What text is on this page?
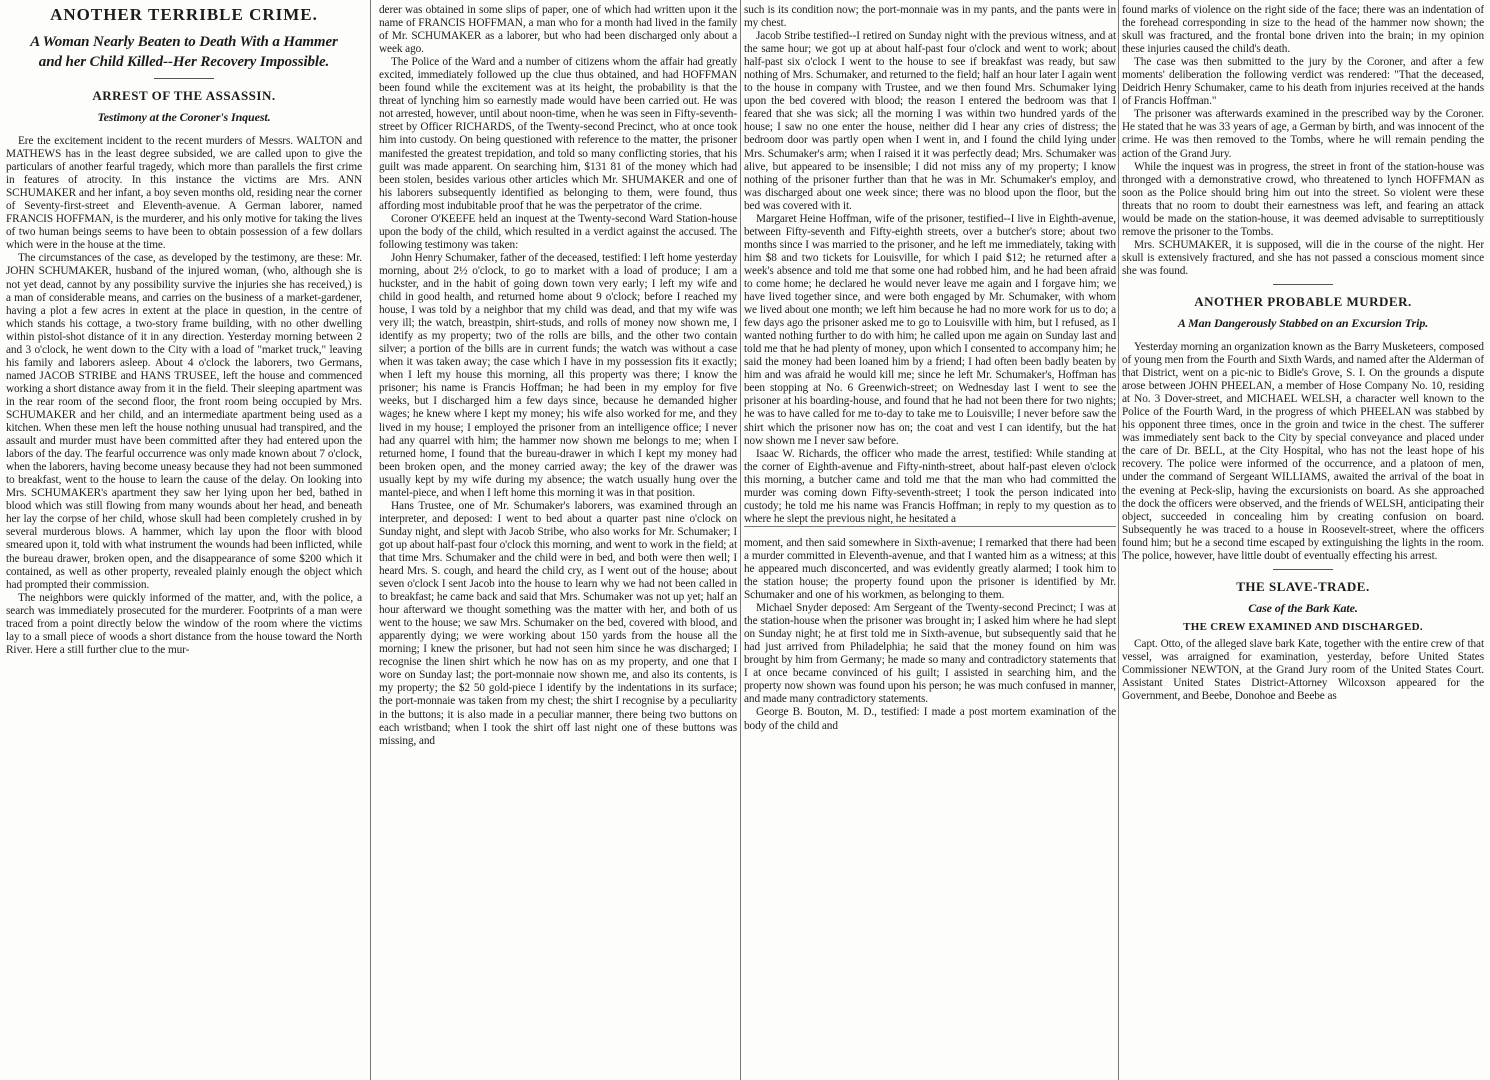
ANOTHER TERRIBLE CRIME.
A Woman Nearly Beaten to Death With a Hammer and her Child Killed--Her Recovery Impossible.
ARREST OF THE ASSASSIN.
Testimony at the Coroner's Inquest.

Ere the excitement incident to the recent murders of Messrs. WALTON and MATHEWS has in the least degree subsided, we are called upon to give the particulars of another fearful tragedy, which more than parallels the first crime in features of atrocity. In this instance the victims are Mrs. ANN SCHUMAKER and her infant, a boy seven months old, residing near the corner of Seventy-first-street and Eleventh-avenue. A German laborer, named FRANCIS HOFFMAN, is the murderer, and his only motive for taking the lives of two human beings seems to have been to obtain possession of a few dollars which were in the house at the time.

The circumstances of the case, as developed by the testimony, are these: Mr. JOHN SCHUMAKER, husband of the injured woman, (who, although she is not yet dead, cannot by any possibility survive the injuries she has received,) is a man of considerable means, and carries on the business of a market-gardener, having a plot a few acres in extent at the place in question, in the centre of which stands his cottage, a two-story frame building, with no other dwelling within pistol-shot distance of it in any direction. Yesterday morning between 2 and 3 o'clock, he went down to the City with a load of "market truck," leaving his family and laborers asleep. About 4 o'clock the laborers, two Germans, named JACOB STRIBE and HANS TRUSEE, left the house and commenced working a short distance away from it in the field. Their sleeping apartment was in the rear room of the second floor, the front room being occupied by Mrs. SCHUMAKER and her child, and an intermediate apartment being used as a kitchen. When these men left the house nothing unusual had transpired, and the assault and murder must have been committed after they had entered upon the labors of the day. The fearful occurrence was only made known about 7 o'clock, when the laborers, having become uneasy because they had not been summoned to breakfast, went to the house to learn the cause of the delay. On looking into Mrs. SCHUMAKER's apartment they saw her lying upon her bed, bathed in blood which was still flowing from many wounds about her head, and beneath her lay the corpse of her child, whose skull had been completely crushed in by several murderous blows. A hammer, which lay upon the floor with blood smeared upon it, told with what instrument the wounds had been inflicted, while the bureau drawer, broken open, and the disappearance of some $200 which it contained, as well as other property, revealed plainly enough the object which had prompted their commission.

The neighbors were quickly informed of the matter, and, with the police, a search was immediately prosecuted for the murderer. Footprints of a man were traced from a point directly below the window of the room where the victims lay to a small piece of woods a short distance from the house toward the North River. Here a still further clue to the mur-

derer was obtained in some slips of paper, one of which had written upon it the name of FRANCIS HOFFMAN, a man who for a month had lived in the family of Mr. SCHUMAKER as a laborer, but who had been discharged only about a week ago.

The Police of the Ward and a number of citizens whom the affair had greatly excited, immediately followed up the clue thus obtained, and had HOFFMAN been found while the excitement was at its height, the probability is that the threat of lynching him so earnestly made would have been carried out. He was not arrested, however, until about noon-time, when he was seen in Fifty-seventh-street by Officer RICHARDS, of the Twenty-second Precinct, who at once took him into custody. On being questioned with reference to the matter, the prisoner manifested the greatest trepidation, and told so many conflicting stories, that his guilt was made apparent. On searching him, $131 81 of the money which had been stolen, besides various other articles which Mr. SHUMAKER and one of his laborers subsequently identified as belonging to them, were found, thus affording most indubitable proof that he was the perpetrator of the crime.

Coroner O'KEEFE held an inquest at the Twenty-second Ward Station-house upon the body of the child, which resulted in a verdict against the accused. The following testimony was taken:

John Henry Schumaker, father of the deceased, testified: I left home yesterday morning, about 2½ o'clock, to go to market with a load of produce; I am a huckster, and in the habit of going down town very early; I left my wife and child in good health, and returned home about 9 o'clock; before I reached my house, I was told by a neighbor that my child was dead, and that my wife was very ill; the watch, breastpin, shirt-studs, and rolls of money now shown me, I identify as my property; two of the rolls are bills, and the other two contain silver; a portion of the bills are in current funds; the watch was without a case when it was taken away; the case which I have in my possession fits it exactly; when I left my house this morning, all this property was there; I know the prisoner; his name is Francis Hoffman; he had been in my employ for five weeks, but I discharged him a few days since, because he demanded higher wages; he knew where I kept my money; his wife also worked for me, and they lived in my house; I employed the prisoner from an intelligence office; I never had any quarrel with him; the hammer now shown me belongs to me; when I returned home, I found that the bureau-drawer in which I kept my money had been broken open, and the money carried away; the key of the drawer was usually kept by my wife during my absence; the watch usually hung over the mantel-piece, and when I left home this morning it was in that position.

Hans Trustee, one of Mr. Schumaker's laborers, was examined through an interpreter, and deposed: I went to bed about a quarter past nine o'clock on Sunday night, and slept with Jacob Stribe, who also works for Mr. Schumaker; I got up about half-past four o'clock this morning, and went to work in the field; at that time Mrs. Schumaker and the child were in bed, and both were then well; I heard Mrs. S. cough, and heard the child cry, as I went out of the house; about seven o'clock I sent Jacob into the house to learn why we had not been called in to breakfast; he came back and said that Mrs. Schumaker was not up yet; half an hour afterward we thought something was the matter with her, and both of us went to the house; we saw Mrs. Schumaker on the bed, covered with blood, and apparently dying; we were working about 150 yards from the house all the morning; I knew the prisoner, but had not seen him since he was discharged; I recognise the linen shirt which he now has on as my property, and one that I wore on Sunday last; the port-monnaie now shown me, and also its contents, is my property; the $2 50 gold-piece I identify by the indentations in its surface; the port-monnaie was taken from my chest; the shirt I recognise by a peculiarity in the buttons; it is also made in a peculiar manner, there being two buttons on each wristband; when I took the shirt off last night one of these buttons was missing, and

such is its condition now; the port-monnaie was in my pants, and the pants were in my chest.

Jacob Stribe testified--I retired on Sunday night with the previous witness, and at the same hour; we got up at about half-past four o'clock and went to work; about half-past six o'clock I went to the house to see if breakfast was ready, but saw nothing of Mrs. Schumaker, and returned to the field; half an hour later I again went to the house in company with Trustee, and we then found Mrs. Schumaker lying upon the bed covered with blood; the reason I entered the bedroom was that I feared that she was sick; all the morning I was within two hundred yards of the house; I saw no one enter the house, neither did I hear any cries of distress; the bedroom door was partly open when I went in, and I found the child lying under Mrs. Schumaker's arm; when I raised it it was perfectly dead; Mrs. Schumaker was alive, but appeared to be insensible; I did not miss any of my property; I know nothing of the prisoner further than that he was in Mr. Schumaker's employ, and was discharged about one week since; there was no blood upon the floor, but the bed was covered with it.

Margaret Heine Hoffman, wife of the prisoner, testified--I live in Eighth-avenue, between Fifty-seventh and Fifty-eighth streets, over a butcher's store; about two months since I was married to the prisoner, and he left me immediately, taking with him $8 and two tickets for Louisville, for which I paid $12; he returned after a week's absence and told me that some one had robbed him, and he had been afraid to come home; he declared he would never leave me again and I forgave him; we have lived together since, and were both engaged by Mr. Schumaker, with whom we lived about one month; we left him because he had no more work for us to do; a few days ago the prisoner asked me to go to Louisville with him, but I refused, as I wanted nothing further to do with him; he called upon me again on Sunday last and told me that he had plenty of money, upon which I consented to accompany him; he said the money had been loaned him by a friend; I had often been badly beaten by him and was afraid he would kill me; since he left Mr. Schumaker's, Hoffman has been stopping at No. 6 Greenwich-street; on Wednesday last I went to see the prisoner at his boarding-house, and found that he had not been there for two nights; he was to have called for me to-day to take me to Louisville; I never before saw the shirt which the prisoner now has on; the coat and vest I can identify, but the hat now shown me I never saw before.

Isaac W. Richards, the officer who made the arrest, testified: While standing at the corner of Eighth-avenue and Fifty-ninth-street, about half-past eleven o'clock this morning, a butcher came and told me that the man who had committed the murder was coming down Fifty-seventh-street; I took the person indicated into custody; he told me his name was Francis Hoffman; in reply to my question as to where he slept the previous night, he hesitated a

moment, and then said somewhere in Sixth-avenue; I remarked that there had been a murder committed in Eleventh-avenue, and that I wanted him as a witness; at this he appeared much disconcerted, and was evidently greatly alarmed; I took him to the station house; the property found upon the prisoner is identified by Mr. Schumaker and one of his workmen, as belonging to them.

Michael Snyder deposed: Am Sergeant of the Twenty-second Precinct; I was at the station-house when the prisoner was brought in; I asked him where he had slept on Sunday night; he at first told me in Sixth-avenue, but subsequently said that he had just arrived from Philadelphia; he said that the money found on him was brought by him from Germany; he made so many and contradictory statements that I at once became convinced of his guilt; I assisted in searching him, and the property now shown was found upon his person; he was much confused in manner, and made many contradictory statements.

George B. Bouton, M. D., testified: I made a post mortem examination of the body of the child and

found marks of violence on the right side of the face; there was an indentation of the forehead corresponding in size to the head of the hammer now shown; the skull was fractured, and the frontal bone driven into the brain; in my opinion these injuries caused the child's death.

The case was then submitted to the jury by the Coroner, and after a few moments' deliberation the following verdict was rendered: "That the deceased, Deidrich Henry Schumaker, came to his death from injuries received at the hands of Francis Hoffman."

The prisoner was afterwards examined in the prescribed way by the Coroner. He stated that he was 33 years of age, a German by birth, and was innocent of the crime. He was then removed to the Tombs, where he will remain pending the action of the Grand Jury.

While the inquest was in progress, the street in front of the station-house was thronged with a demonstrative crowd, who threatened to lynch HOFFMAN as soon as the Police should bring him out into the street. So violent were these threats that no room to doubt their earnestness was left, and fearing an attack would be made on the station-house, it was deemed advisable to surreptitiously remove the prisoner to the Tombs.

Mrs. SCHUMAKER, it is supposed, will die in the course of the night. Her skull is extensively fractured, and she has not passed a conscious moment since she was found.

ANOTHER PROBABLE MURDER.
A Man Dangerously Stabbed on an Excursion Trip.

Yesterday morning an organization known as the Barry Musketeers, composed of young men from the Fourth and Sixth Wards, and named after the Alderman of that District, went on a pic-nic to Bidle's Grove, S. I. On the grounds a dispute arose between JOHN PHEELAN, a member of Hose Company No. 10, residing at No. 3 Dover-street, and MICHAEL WELSH, a character well known to the Police of the Fourth Ward, in the progress of which PHEELAN was stabbed by his opponent three times, once in the groin and twice in the chest. The sufferer was immediately sent back to the City by special conveyance and placed under the care of Dr. BELL, at the City Hospital, who has not the least hope of his recovery. The police were informed of the occurrence, and a platoon of men, under the command of Sergeant WILLIAMS, awaited the arrival of the boat in the evening at Peck-slip, having the excursionists on board. As she approached the dock the officers were observed, and the friends of WELSH, anticipating their object, succeeded in concealing him by creating confusion on board. Subsequently he was traced to a house in Roosevelt-street, where the officers found him; but he a second time escaped by extinguishing the lights in the room. The police, however, have little doubt of eventually effecting his arrest.

THE SLAVE-TRADE.
Case of the Bark Kate.
THE CREW EXAMINED AND DISCHARGED.

Capt. Otto, of the alleged slave bark Kate, together with the entire crew of that vessel, was arraigned for examination, yesterday, before United States Commissioner NEWTON, at the Grand Jury room of the United States Court. Assistant United States District-Attorney Wilcoxson appeared for the Government, and Beebe, Donohoe and Beebe as
